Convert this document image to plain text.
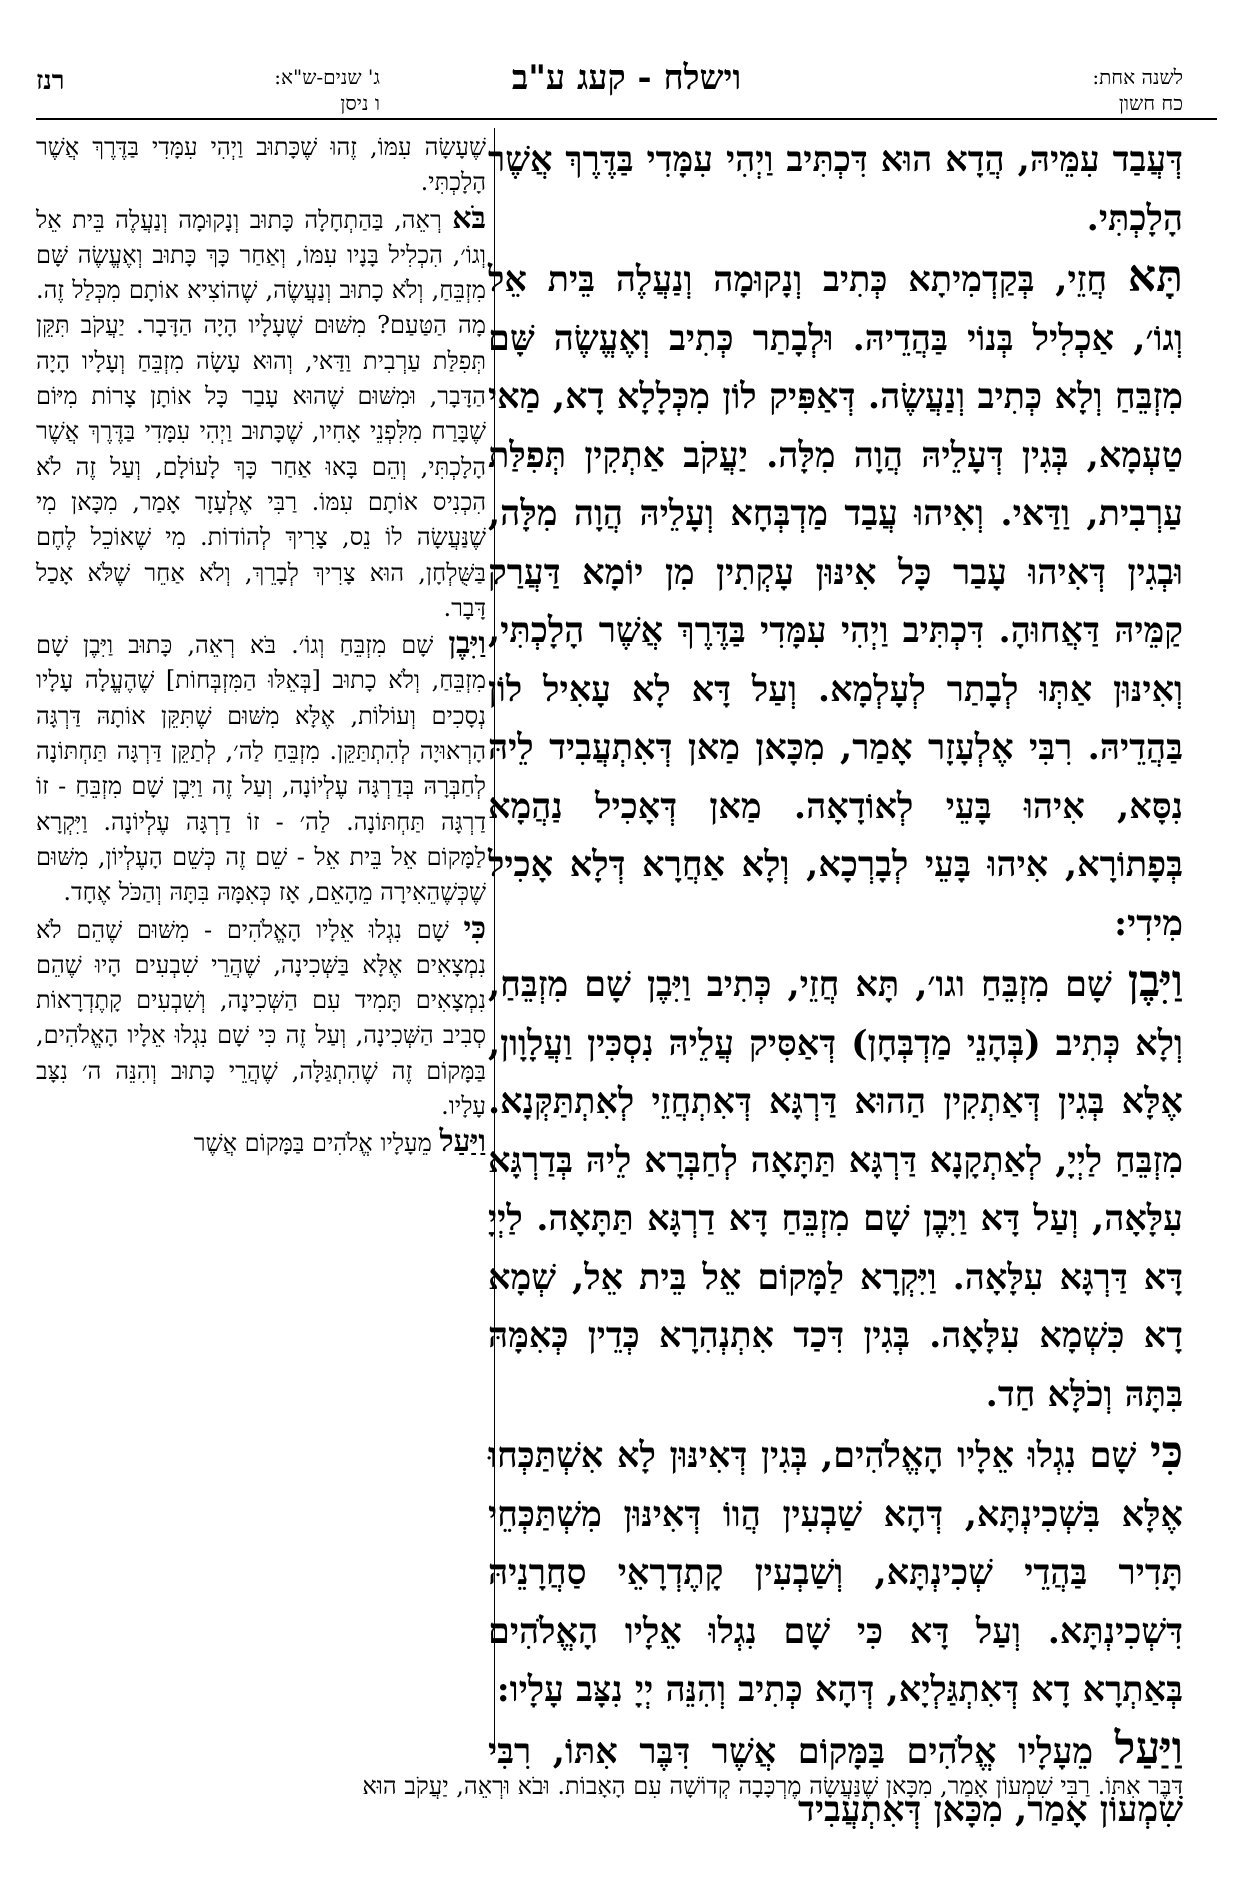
לשנה אחת:
כח חשון
וישלח - קעג ע"ב
ג' שנים-ש"א:
ו ניסן
רנז

דְּעֲבַד עִמֵּיהּ, הֲדָא הוּא דִּכְתִּיב וַיְהִי עִמָּדִי בַּדֶּרֶךְ אֲשֶׁר הָלָכְתִּי.

תָּא חֲזֵי, בְּקַדְמִיתָא כְּתִיב וְנָקוּמָה וְנַעֲלֶה בֵּית אֵל וְגוֹ׳, אַכְלִיל בְּנוֹי בַּהֲדֵיהּ. וּלְבָתַר כְּתִיב וְאֶעֱשֶׂה שָּׁם מִזְבֵּחַ וְלָא כְּתִיב וְנַעֲשֶׂה. דְּאַפִּיק לוֹן מִכְּלָלָא דָא, מַאי טַעְמָא, בְּגִין דְּעָלֵיהּ הֲוָה מִלָּה. יַעֲקֹב אַתְקִין תְּפִלַּת עַרְבִית, וַדַּאי. וְאִיהוּ עֲבַד מַדְבְּחָא וְעָלֵיהּ הֲוָה מִלָּה, וּבְגִין דְּאִיהוּ עָבַר כָּל אִינּוּן עָקְתִין מִן יוֹמָא דַּעֲרַק קַמֵּיהּ דַּאֲחוּהָ. דִּכְתִּיב וַיְהִי עִמָּדִי בַּדֶּרֶךְ אֲשֶׁר הָלָכְתִּי, וְאִינּוּן אַתְּוּ לְבָתַר לְעָלְמָא. וְעַל דָּא לָא עָאִיל לוֹן בַּהֲדֵיהּ. רִבִּי אֶלְעָזָר אָמַר, מִכָּאן מַאן דְּאִתְעֲבִיד לֵיהּ נִסָּא, אִיהוּ בָּעֵי לְאוֹדָאָה. מַאן דְּאָכִיל נַהֲמָא בְּפָתוֹרָא, אִיהוּ בָּעֵי לְבָרְכָא, וְלָא אַחֲרָא דְּלָא אָכִיל מִידִי:

וַיִּבֶן שָׁם מִזְבֵּחַ וגו׳, תָּא חֲזֵי, כְּתִיב וַיִּבֶן שָׁם מִזְבֵּחַ, וְלָא כְּתִיב (בְּהָנֵי מַדְבְּחָן) דְּאַסִּיק עֲלֵיהּ נִסְכִּין וַעֲלָוָון, אֶלָּא בְּגִין דְּאַתְקִין הַהוּא דַּרְגָּא דְּאִתְחֲזֵי לְאִתְתַּקְּנָא. מִזְבֵּחַ לַיְיָ, לְאַתְקָנָא דַּרְגָּא תַּתָּאָה לְחַבְּרָא לֵיהּ בְּדַרְגָּא עִלָּאָה, וְעַל דָּא וַיִּבֶן שָׁם מִזְבֵּחַ דָּא דַרְגָּא תַּתָּאָה. לַיְיָ דָּא דַּרְגָּא עִלָּאָה. וַיִּקְרָא לַמָּקוֹם אֵל בֵּית אֵל, שְׁמָא דָא כִּשְׁמָא עִלָּאָה. בְּגִין דִּכַד אִתְנְהִרָא כְּדֵין כְּאִמָּהּ בִּתָּהּ וְכֹלָּא חַד.

כִּי שָׁם נִגְלוּ אֵלָיו הָאֱלֹהִים, בְּגִין דְּאִינּוּן לָא אִשְׁתַּכְּחוּ אֶלָּא בִּשְׁכִינְתָּא, דְּהָא שַׁבְעִין הֲווֹ דְּאִינּוּן מִשְׁתַּכְּחֵי תָּדִיר בַּהֲדֵי שְׁכִינְתָּא, וְשַׁבְעִין קָתֶדְרָאֵי סַחֲרָנֵיהּ דִּשְׁכִינְתָּא. וְעַל דָּא כִּי שָׁם נִגְלוּ אֵלָיו הָאֱלֹהִים בְּאַתְרָא דָא דְּאִתְגַּלְיָא, דְּהָא כְּתִיב וְהִנֵּה יְיָ נִצָּב עָלָיו:

וַיַּעַל מֵעָלָיו אֱלֹהִים בַּמָּקוֹם אֲשֶׁר דִּבֶּר אִתּוֹ, רִבִּי שִׁמְעוֹן אָמַר, מִכָּאן דְּאִתְעֲבִיד

שֶׁעָשָׂה עִמּוֹ, זֶהוּ שֶׁכָּתוּב וַיְהִי עִמָּדִי בַּדֶּרֶךְ אֲשֶׁר הָלָכְתִּי.

בֹּא רְאֵה, בַּהַתְחָלָה כָּתוּב וְנָקוּמָה וְנַעֲלֶה בֵּית אֵל וְגוֹ׳, הִכְלִיל בָּנָיו עִמּוֹ, וְאַחַר כָּךְ כָּתוּב וְאֶעֱשֶׂה שָּׁם מִזְבֵּחַ, וְלֹא כָתוּב וְנַעֲשֶׂה, שֶׁהוֹצִיא אוֹתָם מִכְּלַל זֶה. מָה הַטַּעַם? מִשּׁוּם שֶׁעָלָיו הָיָה הַדָּבָר. יַעֲקֹב תִּקֵּן תְּפִלַּת עַרְבִית וַדַּאי, וְהוּא עָשָׂה מִזְבֵּחַ וְעָלָיו הָיָה הַדָּבָר, וּמִשּׁוּם שֶׁהוּא עָבַר כָּל אוֹתָן צָרוֹת מִיּוֹם שֶׁבָּרַח מִלִּפְנֵי אָחִיו, שֶׁכָּתוּב וַיְהִי עִמָּדִי בַּדֶּרֶךְ אֲשֶׁר הָלָכְתִּי, וְהֵם בָּאוּ אַחַר כָּךְ לָעוֹלָם, וְעַל זֶה לֹא הִכְנִיס אוֹתָם עִמּוֹ. רַבִּי אֶלְעָזָר אָמַר, מִכָּאן מִי שֶׁנַּעֲשָׂה לוֹ נֵס, צָרִיךְ לְהוֹדוֹת. מִי שֶׁאוֹכֵל לֶחֶם בַּשֻּׁלְחָן, הוּא צָרִיךְ לְבָרֵךְ, וְלֹא אַחֵר שֶׁלֹּא אָכַל דָּבָר.

וַיִּבֶן שָׁם מִזְבֵּחַ וְגוֹ׳. בֹּא רְאֵה, כָּתוּב וַיִּבֶן שָׁם מִזְבֵּחַ, וְלֹא כָתוּב [בְּאֵלּוּ הַמִּזְבְּחוֹת] שֶׁהֶעֱלָה עָלָיו נְסָכִים וְעוֹלוֹת, אֶלָּא מִשּׁוּם שֶׁתִּקֵּן אוֹתָהּ דַּרְגָּה הָרְאוּיָה לְהִתְתַּקֵּן. מִזְבֵּחַ לַה׳, לְתַקֵּן דַּרְגָּה תַּחְתּוֹנָה לְחַבְּרָהּ בְּדַרְגָּה עֶלְיוֹנָה, וְעַל זֶה וַיִּבֶן שָׁם מִזְבֵּחַ - זוֹ דַרְגָּה תַּחְתּוֹנָה. לַה׳ - זוֹ דַרְגָּה עֶלְיוֹנָה. וַיִּקְרָא לַמָּקוֹם אֵל בֵּית אֵל - שֵׁם זֶה כְּשֵׁם הָעֶלְיוֹן, מִשּׁוּם שֶׁכְּשֶׁהֵאִירָה מֵהָאֵם, אָז כְּאִמָּהּ בִּתָּהּ וְהַכֹּל אֶחָד.

כִּי שָׁם נִגְלוּ אֵלָיו הָאֱלֹהִים - מִשּׁוּם שֶׁהֵם לֹא נִמְצָאִים אֶלָּא בַּשְּׁכִינָה, שֶׁהֲרֵי שִׁבְעִים הָיוּ שֶׁהֵם נִמְצָאִים תָּמִיד עִם הַשְּׁכִינָה, וְשִׁבְעִים קָתֶדְרָאוֹת סְבִיב הַשְּׁכִינָה, וְעַל זֶה כִּי שָׁם נִגְלוּ אֵלָיו הָאֱלֹהִים, בַּמָּקוֹם זֶה שֶׁהִתְגַּלָּה, שֶׁהֲרֵי כָּתוּב וְהִנֵּה ה׳ נִצָּב עָלָיו.

וַיַּעַל מֵעָלָיו אֱלֹהִים בַּמָּקוֹם אֲשֶׁר

דִּבֶּר אִתּוֹ. רַבִּי שִׁמְעוֹן אָמַר, מִכָּאן שֶׁנַּעֲשָׂה מֶרְכָּבָה קְדוֹשָׁה עִם הָאָבוֹת. וּבֹא וּרְאֵה, יַעֲקֹב הוּא
